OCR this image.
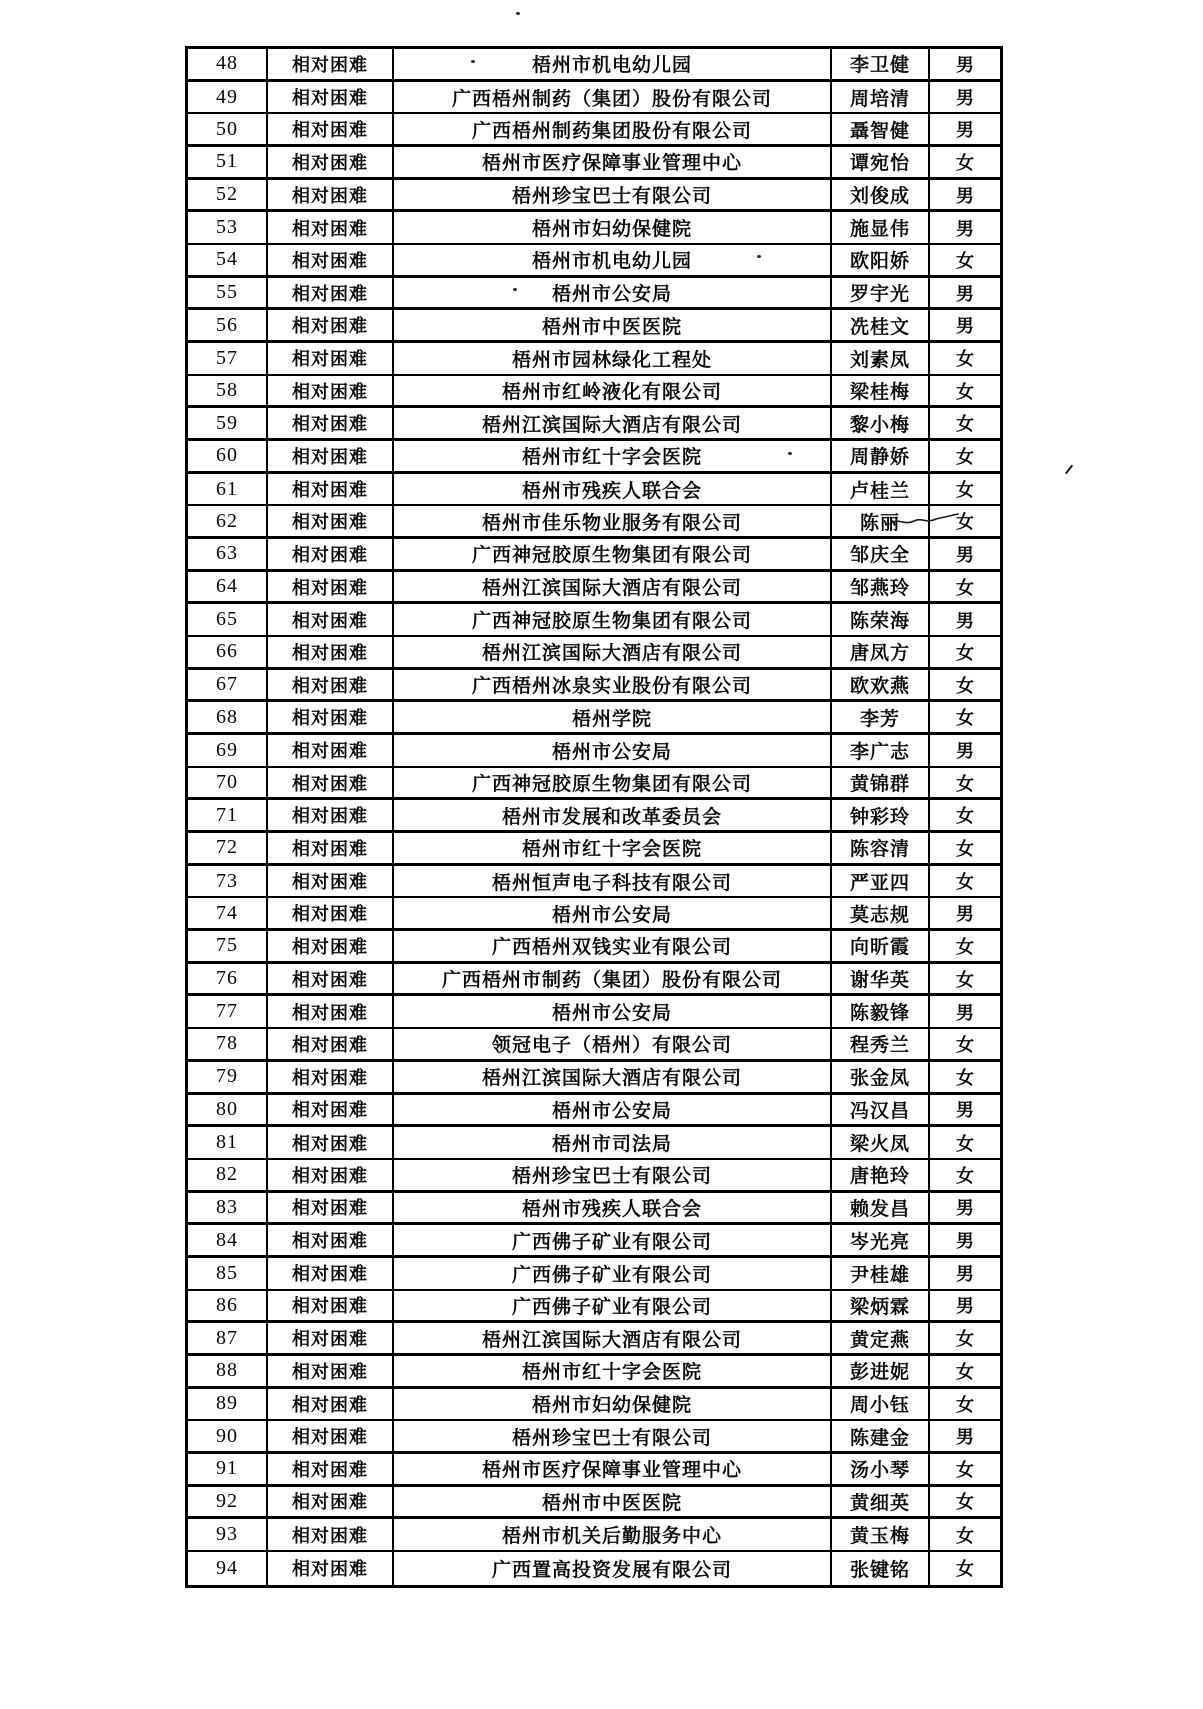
48	相对困难	梧州市机电幼儿园	李卫健	男
49	相对困难	广西梧州制药（集团）股份有限公司	周培清	男
50	相对困难	广西梧州制药集团股份有限公司	聶智健	男
51	相对困难	梧州市医疗保障事业管理中心	谭宛怡	女
52	相对困难	梧州珍宝巴士有限公司	刘俊成	男
53	相对困难	梧州市妇幼保健院	施显伟	男
54	相对困难	梧州市机电幼儿园	欧阳娇	女
55	相对困难	梧州市公安局	罗宇光	男
56	相对困难	梧州市中医医院	冼桂文	男
57	相对困难	梧州市园林绿化工程处	刘素凤	女
58	相对困难	梧州市红岭液化有限公司	梁桂梅	女
59	相对困难	梧州江滨国际大酒店有限公司	黎小梅	女
60	相对困难	梧州市红十字会医院	周静娇	女
61	相对困难	梧州市残疾人联合会	卢桂兰	女
62	相对困难	梧州市佳乐物业服务有限公司	陈丽	女
63	相对困难	广西神冠胶原生物集团有限公司	邹庆全	男
64	相对困难	梧州江滨国际大酒店有限公司	邹燕玲	女
65	相对困难	广西神冠胶原生物集团有限公司	陈荣海	男
66	相对困难	梧州江滨国际大酒店有限公司	唐凤方	女
67	相对困难	广西梧州冰泉实业股份有限公司	欧欢燕	女
68	相对困难	梧州学院	李芳	女
69	相对困难	梧州市公安局	李广志	男
70	相对困难	广西神冠胶原生物集团有限公司	黄锦群	女
71	相对困难	梧州市发展和改革委员会	钟彩玲	女
72	相对困难	梧州市红十字会医院	陈容清	女
73	相对困难	梧州恒声电子科技有限公司	严亚四	女
74	相对困难	梧州市公安局	莫志规	男
75	相对困难	广西梧州双钱实业有限公司	向昕霞	女
76	相对困难	广西梧州市制药（集团）股份有限公司	谢华英	女
77	相对困难	梧州市公安局	陈毅锋	男
78	相对困难	领冠电子（梧州）有限公司	程秀兰	女
79	相对困难	梧州江滨国际大酒店有限公司	张金凤	女
80	相对困难	梧州市公安局	冯汉昌	男
81	相对困难	梧州市司法局	梁火凤	女
82	相对困难	梧州珍宝巴士有限公司	唐艳玲	女
83	相对困难	梧州市残疾人联合会	赖发昌	男
84	相对困难	广西佛子矿业有限公司	岑光亮	男
85	相对困难	广西佛子矿业有限公司	尹桂雄	男
86	相对困难	广西佛子矿业有限公司	梁炳霖	男
87	相对困难	梧州江滨国际大酒店有限公司	黄定燕	女
88	相对困难	梧州市红十字会医院	彭进妮	女
89	相对困难	梧州市妇幼保健院	周小钰	女
90	相对困难	梧州珍宝巴士有限公司	陈建金	男
91	相对困难	梧州市医疗保障事业管理中心	汤小琴	女
92	相对困难	梧州市中医医院	黄细英	女
93	相对困难	梧州市机关后勤服务中心	黄玉梅	女
94	相对困难	广西置高投资发展有限公司	张键铭	女
